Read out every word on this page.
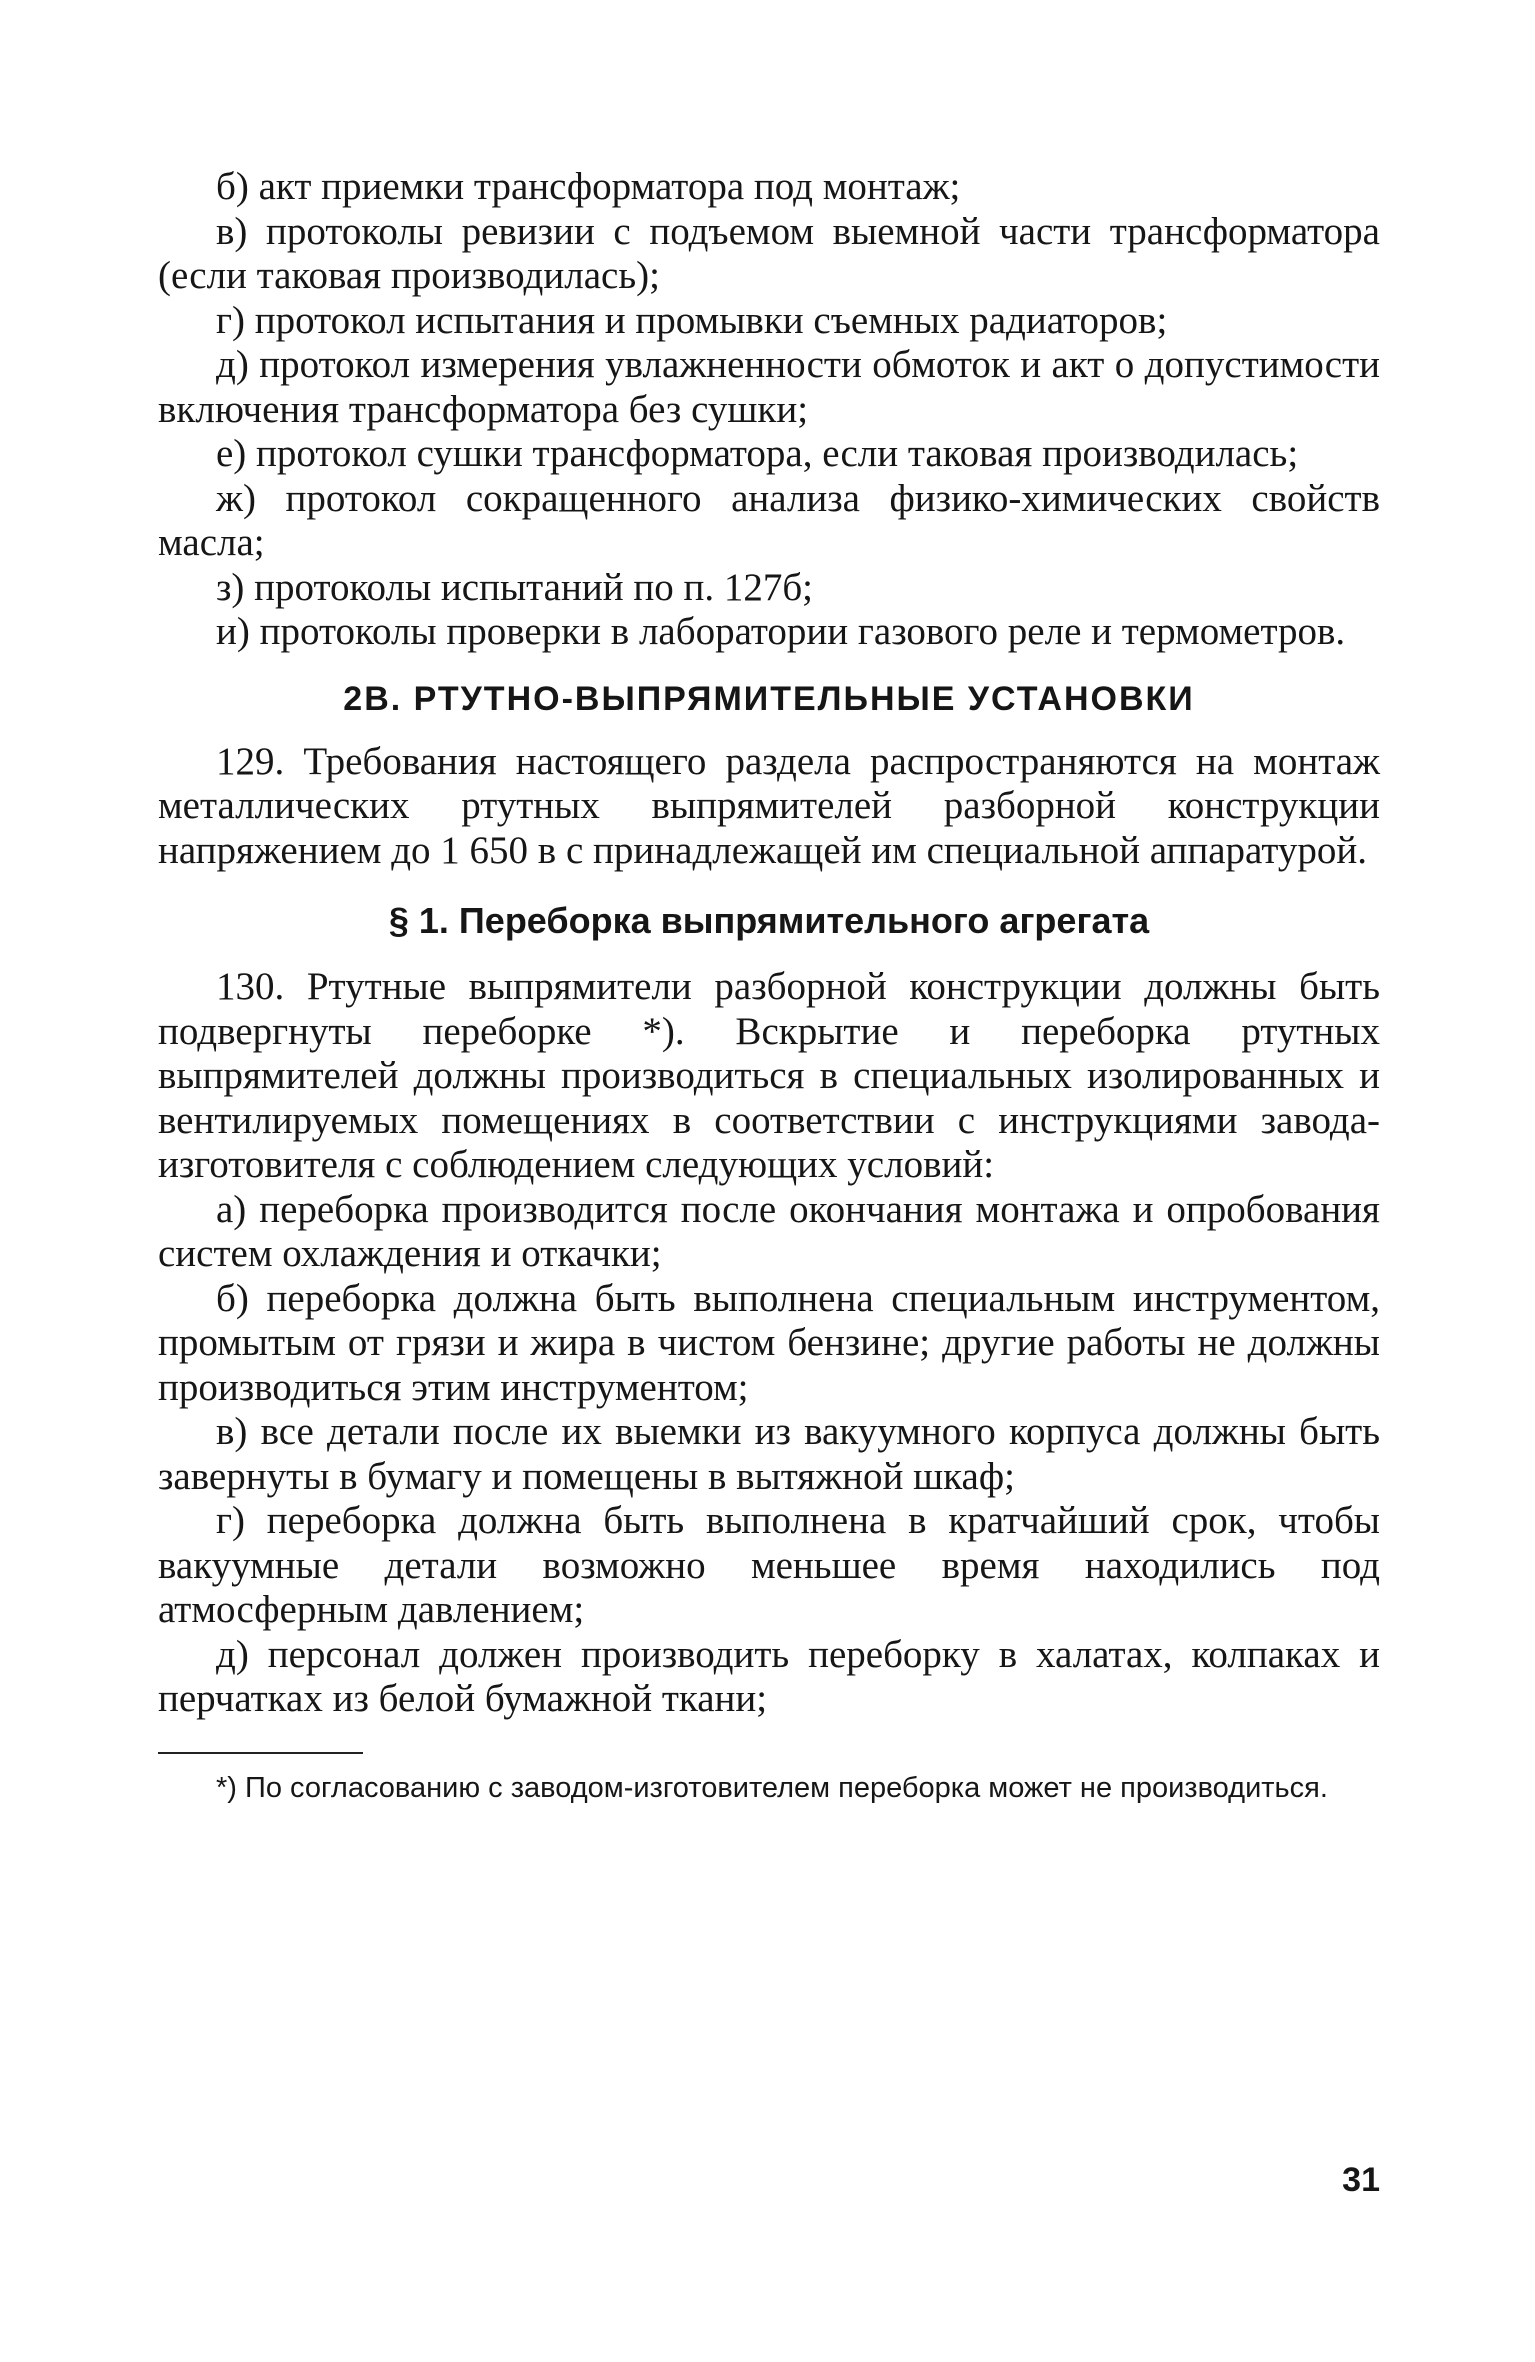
б) акт приемки трансформатора под монтаж;

в) протоколы ревизии с подъемом выемной части трансформатора (если таковая производилась);

г) протокол испытания и промывки съемных радиаторов;

д) протокол измерения увлажненности обмоток и акт о допустимости включения трансформатора без сушки;

е) протокол сушки трансформатора, если таковая производилась;

ж) протокол сокращенного анализа физико-химических свойств масла;

з) протоколы испытаний по п. 127б;

и) протоколы проверки в лаборатории газового реле и термометров.

2В. РТУТНО-ВЫПРЯМИТЕЛЬНЫЕ УСТАНОВКИ

129. Требования настоящего раздела распространяются на монтаж металлических ртутных выпрямителей разборной конструкции напряжением до 1 650 в с принадлежащей им специальной аппаратурой.

§ 1. Переборка выпрямительного агрегата

130. Ртутные выпрямители разборной конструкции должны быть подвергнуты переборке *). Вскрытие и переборка ртутных выпрямителей должны производиться в специальных изолированных и вентилируемых помещениях в соответствии с инструкциями завода-изготовителя с соблюдением следующих условий:

а) переборка производится после окончания монтажа и опробования систем охлаждения и откачки;

б) переборка должна быть выполнена специальным инструментом, промытым от грязи и жира в чистом бензине; другие работы не должны производиться этим инструментом;

в) все детали после их выемки из вакуумного корпуса должны быть завернуты в бумагу и помещены в вытяжной шкаф;

г) переборка должна быть выполнена в кратчайший срок, чтобы вакуумные детали возможно меньшее время находились под атмосферным давлением;

д) персонал должен производить переборку в халатах, колпаках и перчатках из белой бумажной ткани;

*) По согласованию с заводом-изготовителем переборка может не производиться.

31
